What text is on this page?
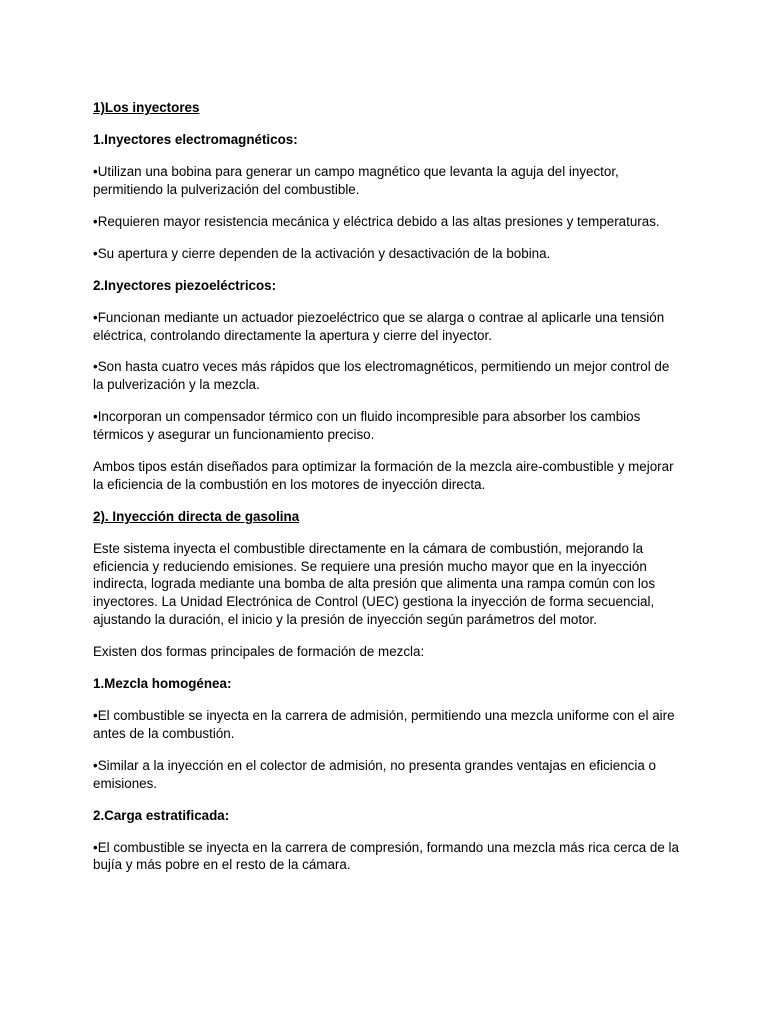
1)Los inyectores

1.Inyectores electromagnéticos:

•Utilizan una bobina para generar un campo magnético que levanta la aguja del inyector, permitiendo la pulverización del combustible.

•Requieren mayor resistencia mecánica y eléctrica debido a las altas presiones y temperaturas.

•Su apertura y cierre dependen de la activación y desactivación de la bobina.

2.Inyectores piezoeléctricos:

•Funcionan mediante un actuador piezoeléctrico que se alarga o contrae al aplicarle una tensión eléctrica, controlando directamente la apertura y cierre del inyector.

•Son hasta cuatro veces más rápidos que los electromagnéticos, permitiendo un mejor control de la pulverización y la mezcla.

•Incorporan un compensador térmico con un fluido incompresible para absorber los cambios térmicos y asegurar un funcionamiento preciso.

Ambos tipos están diseñados para optimizar la formación de la mezcla aire-combustible y mejorar la eficiencia de la combustión en los motores de inyección directa.

2). Inyección directa de gasolina

Este sistema inyecta el combustible directamente en la cámara de combustión, mejorando la eficiencia y reduciendo emisiones. Se requiere una presión mucho mayor que en la inyección indirecta, lograda mediante una bomba de alta presión que alimenta una rampa común con los inyectores. La Unidad Electrónica de Control (UEC) gestiona la inyección de forma secuencial, ajustando la duración, el inicio y la presión de inyección según parámetros del motor.

Existen dos formas principales de formación de mezcla:

1.Mezcla homogénea:

•El combustible se inyecta en la carrera de admisión, permitiendo una mezcla uniforme con el aire antes de la combustión.

•Similar a la inyección en el colector de admisión, no presenta grandes ventajas en eficiencia o emisiones.

2.Carga estratificada:

•El combustible se inyecta en la carrera de compresión, formando una mezcla más rica cerca de la bujía y más pobre en el resto de la cámara.
